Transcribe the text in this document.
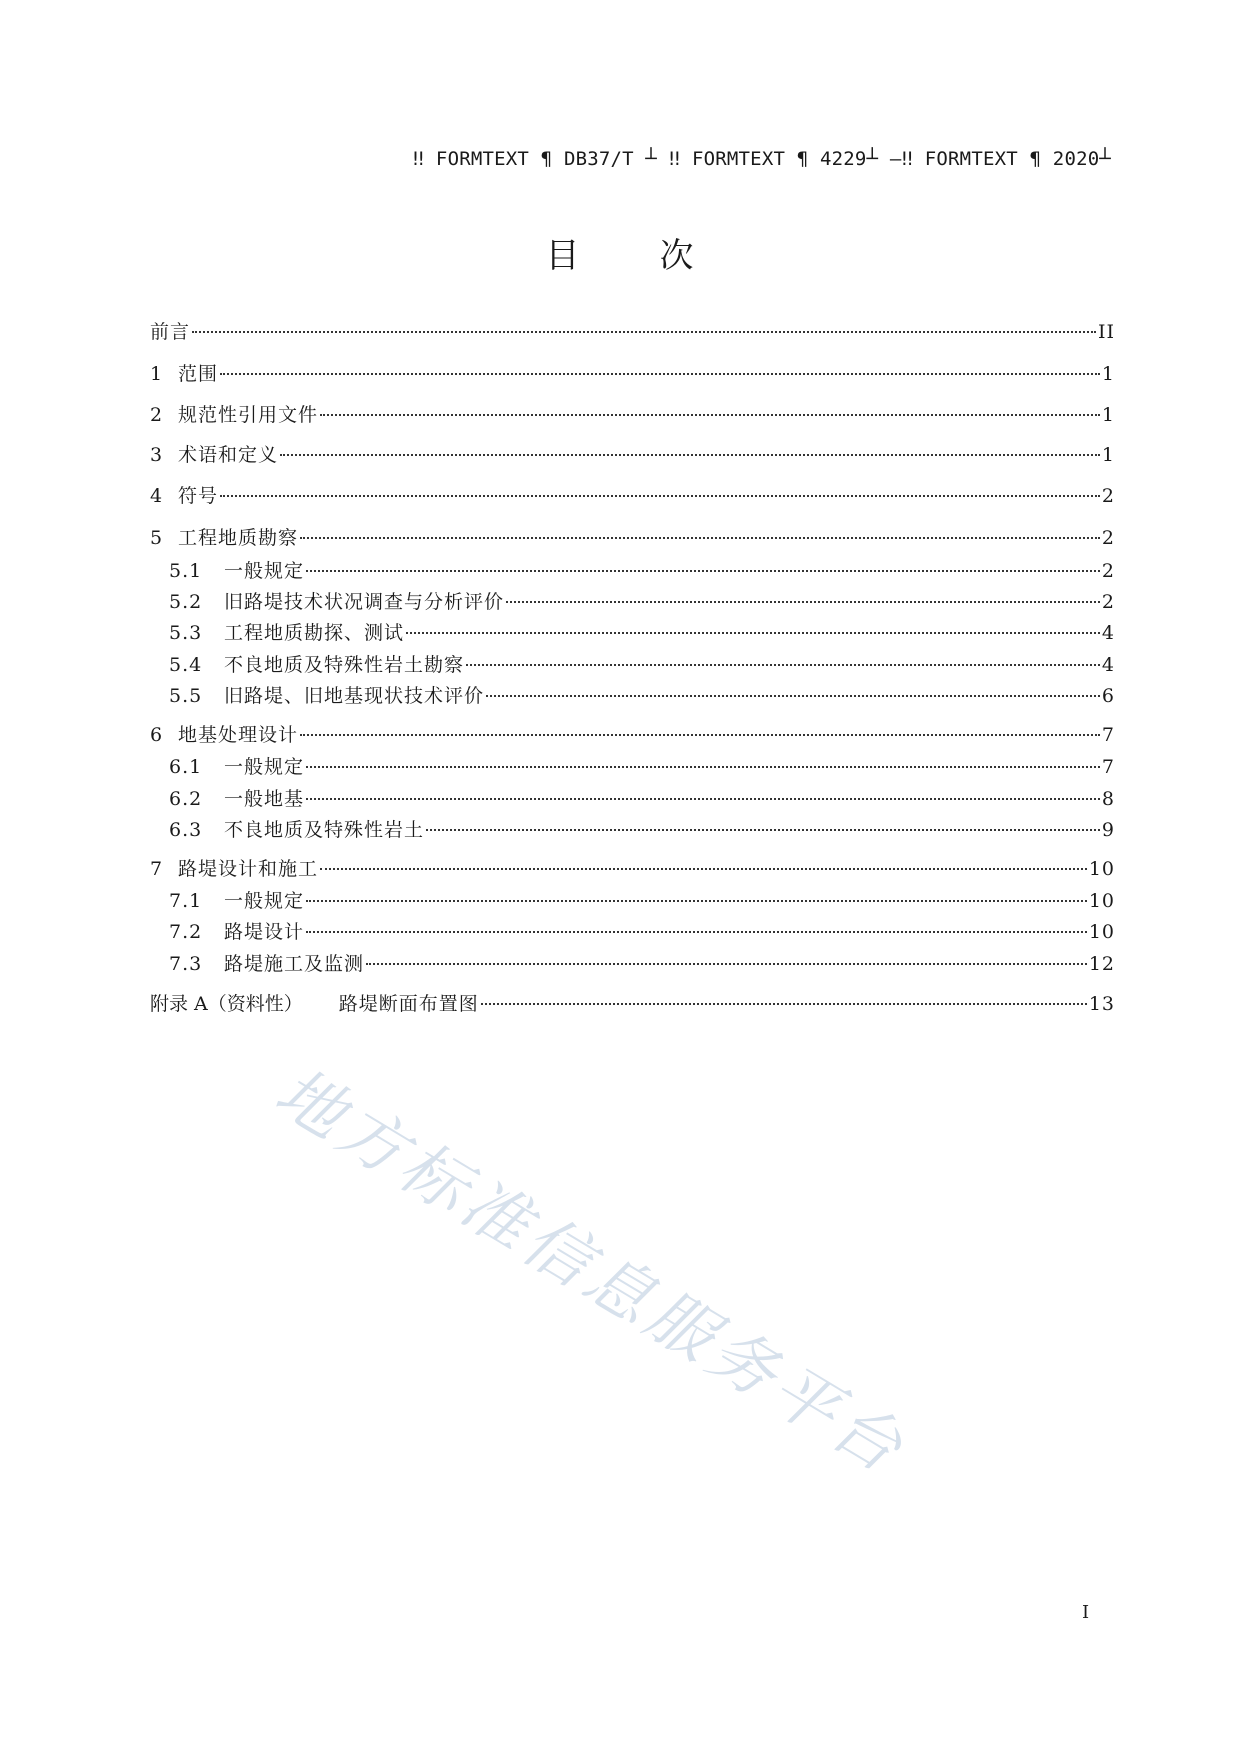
‼ FORMTEXT ¶ DB37/T ┴ ‼ FORMTEXT ¶ 4229┴ —‼ FORMTEXT ¶ 2020┴
目 次
前言	II
1 范围	1
2 规范性引用文件	1
3 术语和定义	1
4 符号	2
5 工程地质勘察	2
5.1	一般规定	2
5.2	旧路堤技术状况调查与分析评价	2
5.3	工程地质勘探、测试	4
5.4	不良地质及特殊性岩土勘察	4
5.5	旧路堤、旧地基现状技术评价	6
6 地基处理设计	7
6.1	一般规定	7
6.2	一般地基	8
6.3	不良地质及特殊性岩土	9
7 路堤设计和施工	10
7.1	一般规定	10
7.2	路堤设计	10
7.3	路堤施工及监测	12
附录 A（资料性） 路堤断面布置图	13
地方标准信息服务平台
I
